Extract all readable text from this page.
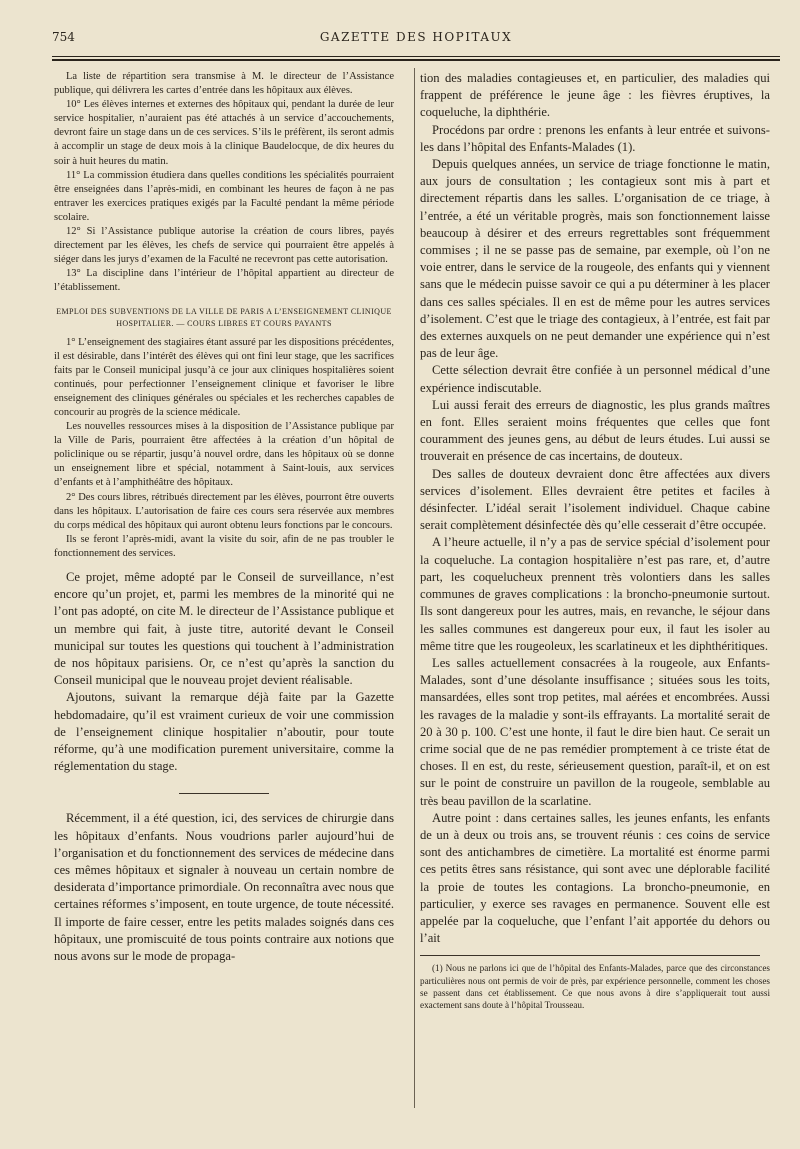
754	GAZETTE DES HOPITAUX

La liste de répartition sera transmise à M. le directeur de l’Assistance publique, qui délivrera les cartes d’entrée dans les hôpitaux aux élèves.

10° Les élèves internes et externes des hôpitaux qui, pendant la durée de leur service hospitalier, n’auraient pas été attachés à un service d’accouchements, devront faire un stage dans un de ces services. S’ils le préfèrent, ils seront admis à accomplir un stage de deux mois à la clinique Baudelocque, de dix heures du soir à huit heures du matin.

11° La commission étudiera dans quelles conditions les spécialités pourraient être enseignées dans l’après-midi, en combinant les heures de façon à ne pas entraver les exercices pratiques exigés par la Faculté pendant la même période scolaire.

12° Si l’Assistance publique autorise la création de cours libres, payés directement par les élèves, les chefs de service qui pourraient être appelés à siéger dans les jurys d’examen de la Faculté ne recevront pas cette autorisation.

13° La discipline dans l’intérieur de l’hôpital appartient au directeur de l’établissement.

EMPLOI DES SUBVENTIONS DE LA VILLE DE PARIS A L’ENSEIGNEMENT CLINIQUE HOSPITALIER. — COURS LIBRES ET COURS PAYANTS

1° L’enseignement des stagiaires étant assuré par les dispositions précédentes, il est désirable, dans l’intérêt des élèves qui ont fini leur stage, que les sacrifices faits par le Conseil municipal jusqu’à ce jour aux cliniques hospitalières soient continués, pour perfectionner l’enseignement clinique et favoriser le libre enseignement des cliniques générales ou spéciales et les recherches capables de concourir au progrès de la science médicale.

Les nouvelles ressources mises à la disposition de l’Assistance publique par la Ville de Paris, pourraient être affectées à la création d’un hôpital de policlinique ou se répartir, jusqu’à nouvel ordre, dans les hôpitaux où se donne un enseignement libre et spécial, notamment à Saint-louis, aux services d’enfants et à l’amphithéâtre des hôpitaux.

2° Des cours libres, rétribués directement par les élèves, pourront être ouverts dans les hôpitaux. L’autorisation de faire ces cours sera réservée aux membres du corps médical des hôpitaux qui auront obtenu leurs fonctions par le concours.

Ils se feront l’après-midi, avant la visite du soir, afin de ne pas troubler le fonctionnement des services.

Ce projet, même adopté par le Conseil de surveillance, n’est encore qu’un projet, et, parmi les membres de la minorité qui ne l’ont pas adopté, on cite M. le directeur de l’Assistance publique et un membre qui fait, à juste titre, autorité devant le Conseil municipal sur toutes les questions qui touchent à l’administration de nos hôpitaux parisiens. Or, ce n’est qu’après la sanction du Conseil municipal que le nouveau projet devient réalisable.

Ajoutons, suivant la remarque déjà faite par la Gazette hebdomadaire, qu’il est vraiment curieux de voir une commission de l’enseignement clinique hospitalier n’aboutir, pour toute réforme, qu’à une modification purement universitaire, comme la réglementation du stage.

Récemment, il a été question, ici, des services de chirurgie dans les hôpitaux d’enfants. Nous voudrions parler aujourd’hui de l’organisation et du fonctionnement des services de médecine dans ces mêmes hôpitaux et signaler à nouveau un certain nombre de desiderata d’importance primordiale. On reconnaîtra avec nous que certaines réformes s’imposent, en toute urgence, de toute nécessité. Il importe de faire cesser, entre les petits malades soignés dans ces hôpitaux, une promiscuité de tous points contraire aux notions que nous avons sur le mode de propaga-

tion des maladies contagieuses et, en particulier, des maladies qui frappent de préférence le jeune âge : les fièvres éruptives, la coqueluche, la diphthérie.

Procédons par ordre : prenons les enfants à leur entrée et suivons-les dans l’hôpital des Enfants-Malades (1).

Depuis quelques années, un service de triage fonctionne le matin, aux jours de consultation ; les contagieux sont mis à part et directement répartis dans les salles. L’organisation de ce triage, à l’entrée, a été un véritable progrès, mais son fonctionnement laisse beaucoup à désirer et des erreurs regrettables sont fréquemment commises ; il ne se passe pas de semaine, par exemple, où l’on ne voie entrer, dans le service de la rougeole, des enfants qui y viennent sans que le médecin puisse savoir ce qui a pu déterminer à les placer dans ces salles spéciales. Il en est de même pour les autres services d’isolement. C’est que le triage des contagieux, à l’entrée, est fait par des externes auxquels on ne peut demander une expérience qui n’est pas de leur âge.

Cette sélection devrait être confiée à un personnel médical d’une expérience indiscutable.

Lui aussi ferait des erreurs de diagnostic, les plus grands maîtres en font. Elles seraient moins fréquentes que celles que font couramment des jeunes gens, au début de leurs études. Lui aussi se trouverait en présence de cas incertains, de douteux.

Des salles de douteux devraient donc être affectées aux divers services d’isolement. Elles devraient être petites et faciles à désinfecter. L’idéal serait l’isolement individuel. Chaque cabine serait complètement désinfectée dès qu’elle cesserait d’être occupée.

A l’heure actuelle, il n’y a pas de service spécial d’isolement pour la coqueluche. La contagion hospitalière n’est pas rare, et, d’autre part, les coquelucheux prennent très volontiers dans les salles communes de graves complications : la broncho-pneumonie surtout. Ils sont dangereux pour les autres, mais, en revanche, le séjour dans les salles communes est dangereux pour eux, il faut les isoler au même titre que les rougeoleux, les scarlatineux et les diphthéritiques.

Les salles actuellement consacrées à la rougeole, aux Enfants-Malades, sont d’une désolante insuffisance ; situées sous les toits, mansardées, elles sont trop petites, mal aérées et encombrées. Aussi les ravages de la maladie y sont-ils effrayants. La mortalité serait de 20 à 30 p. 100. C’est une honte, il faut le dire bien haut. Ce serait un crime social que de ne pas remédier promptement à ce triste état de choses. Il en est, du reste, sérieusement question, paraît-il, et on est sur le point de construire un pavillon de la rougeole, semblable au très beau pavillon de la scarlatine.

Autre point : dans certaines salles, les jeunes enfants, les enfants de un à deux ou trois ans, se trouvent réunis : ces coins de service sont des antichambres de cimetière. La mortalité est énorme parmi ces petits êtres sans résistance, qui sont avec une déplorable facilité la proie de toutes les contagions. La broncho-pneumonie, en particulier, y exerce ses ravages en permanence. Souvent elle est appelée par la coqueluche, que l’enfant l’ait apportée du dehors ou l’ait

(1) Nous ne parlons ici que de l’hôpital des Enfants-Malades, parce que des circonstances particulières nous ont permis de voir de près, par expérience personnelle, comment les choses se passent dans cet établissement. Ce que nous avons à dire s’appliquerait tout aussi exactement sans doute à l’hôpital Trousseau.
